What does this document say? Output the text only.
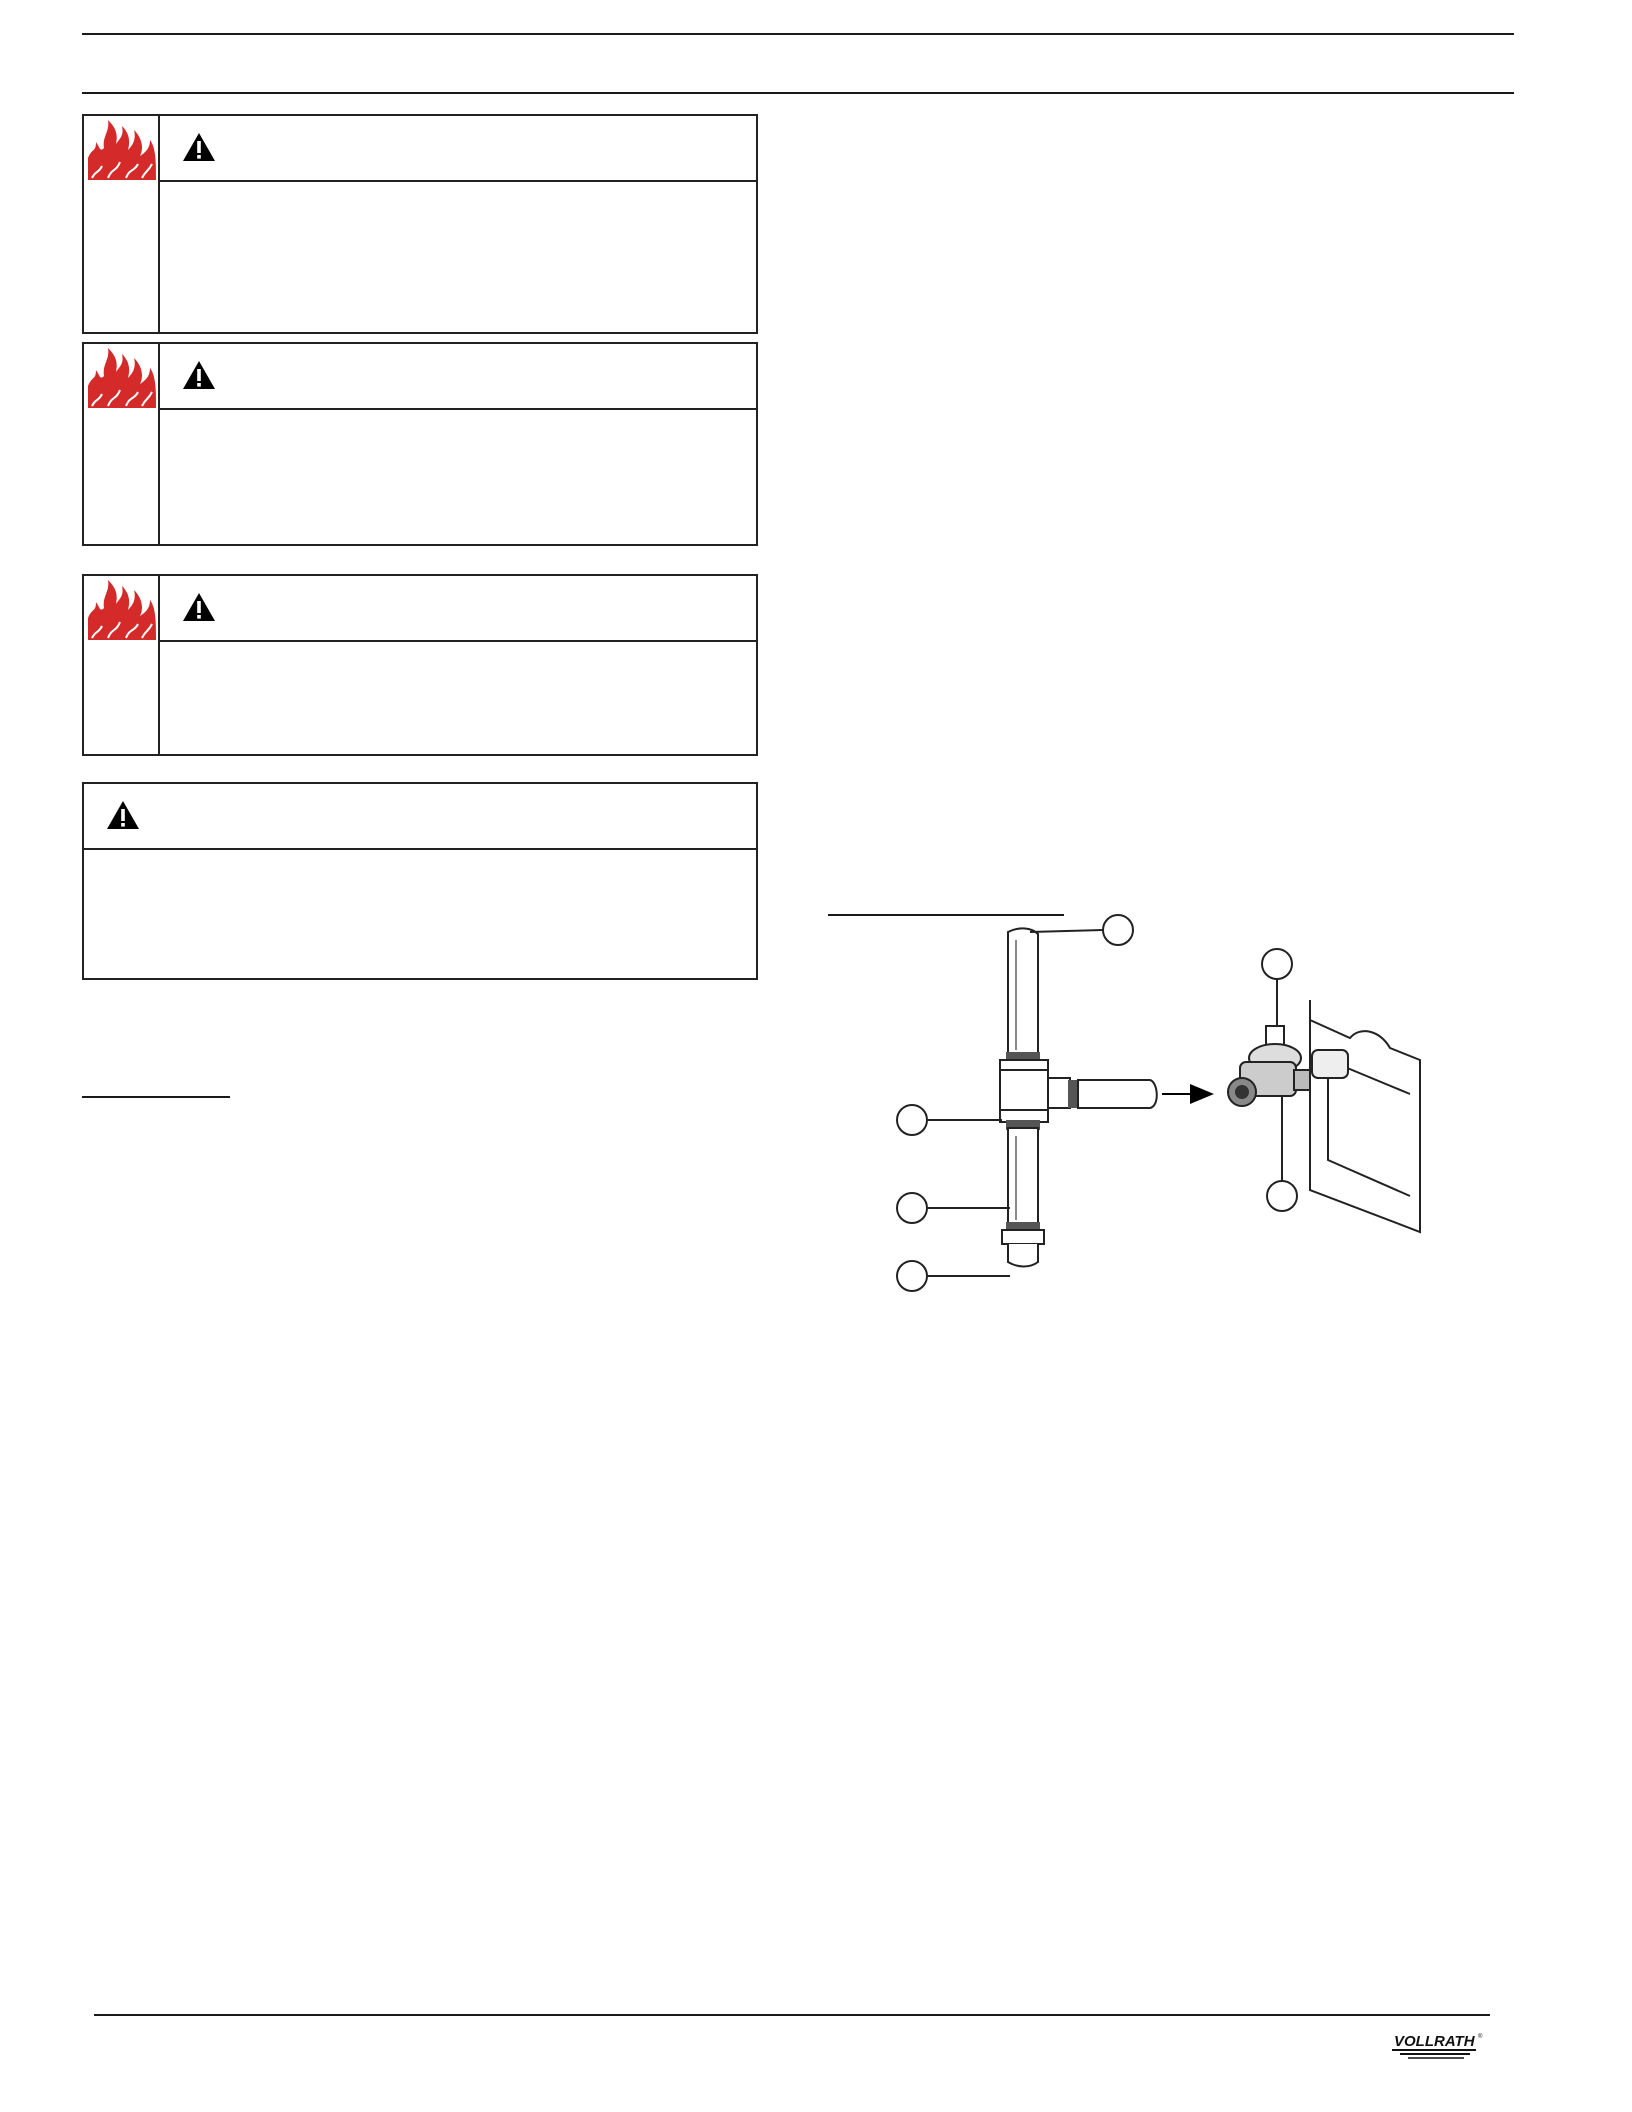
VOLLRATH ®
